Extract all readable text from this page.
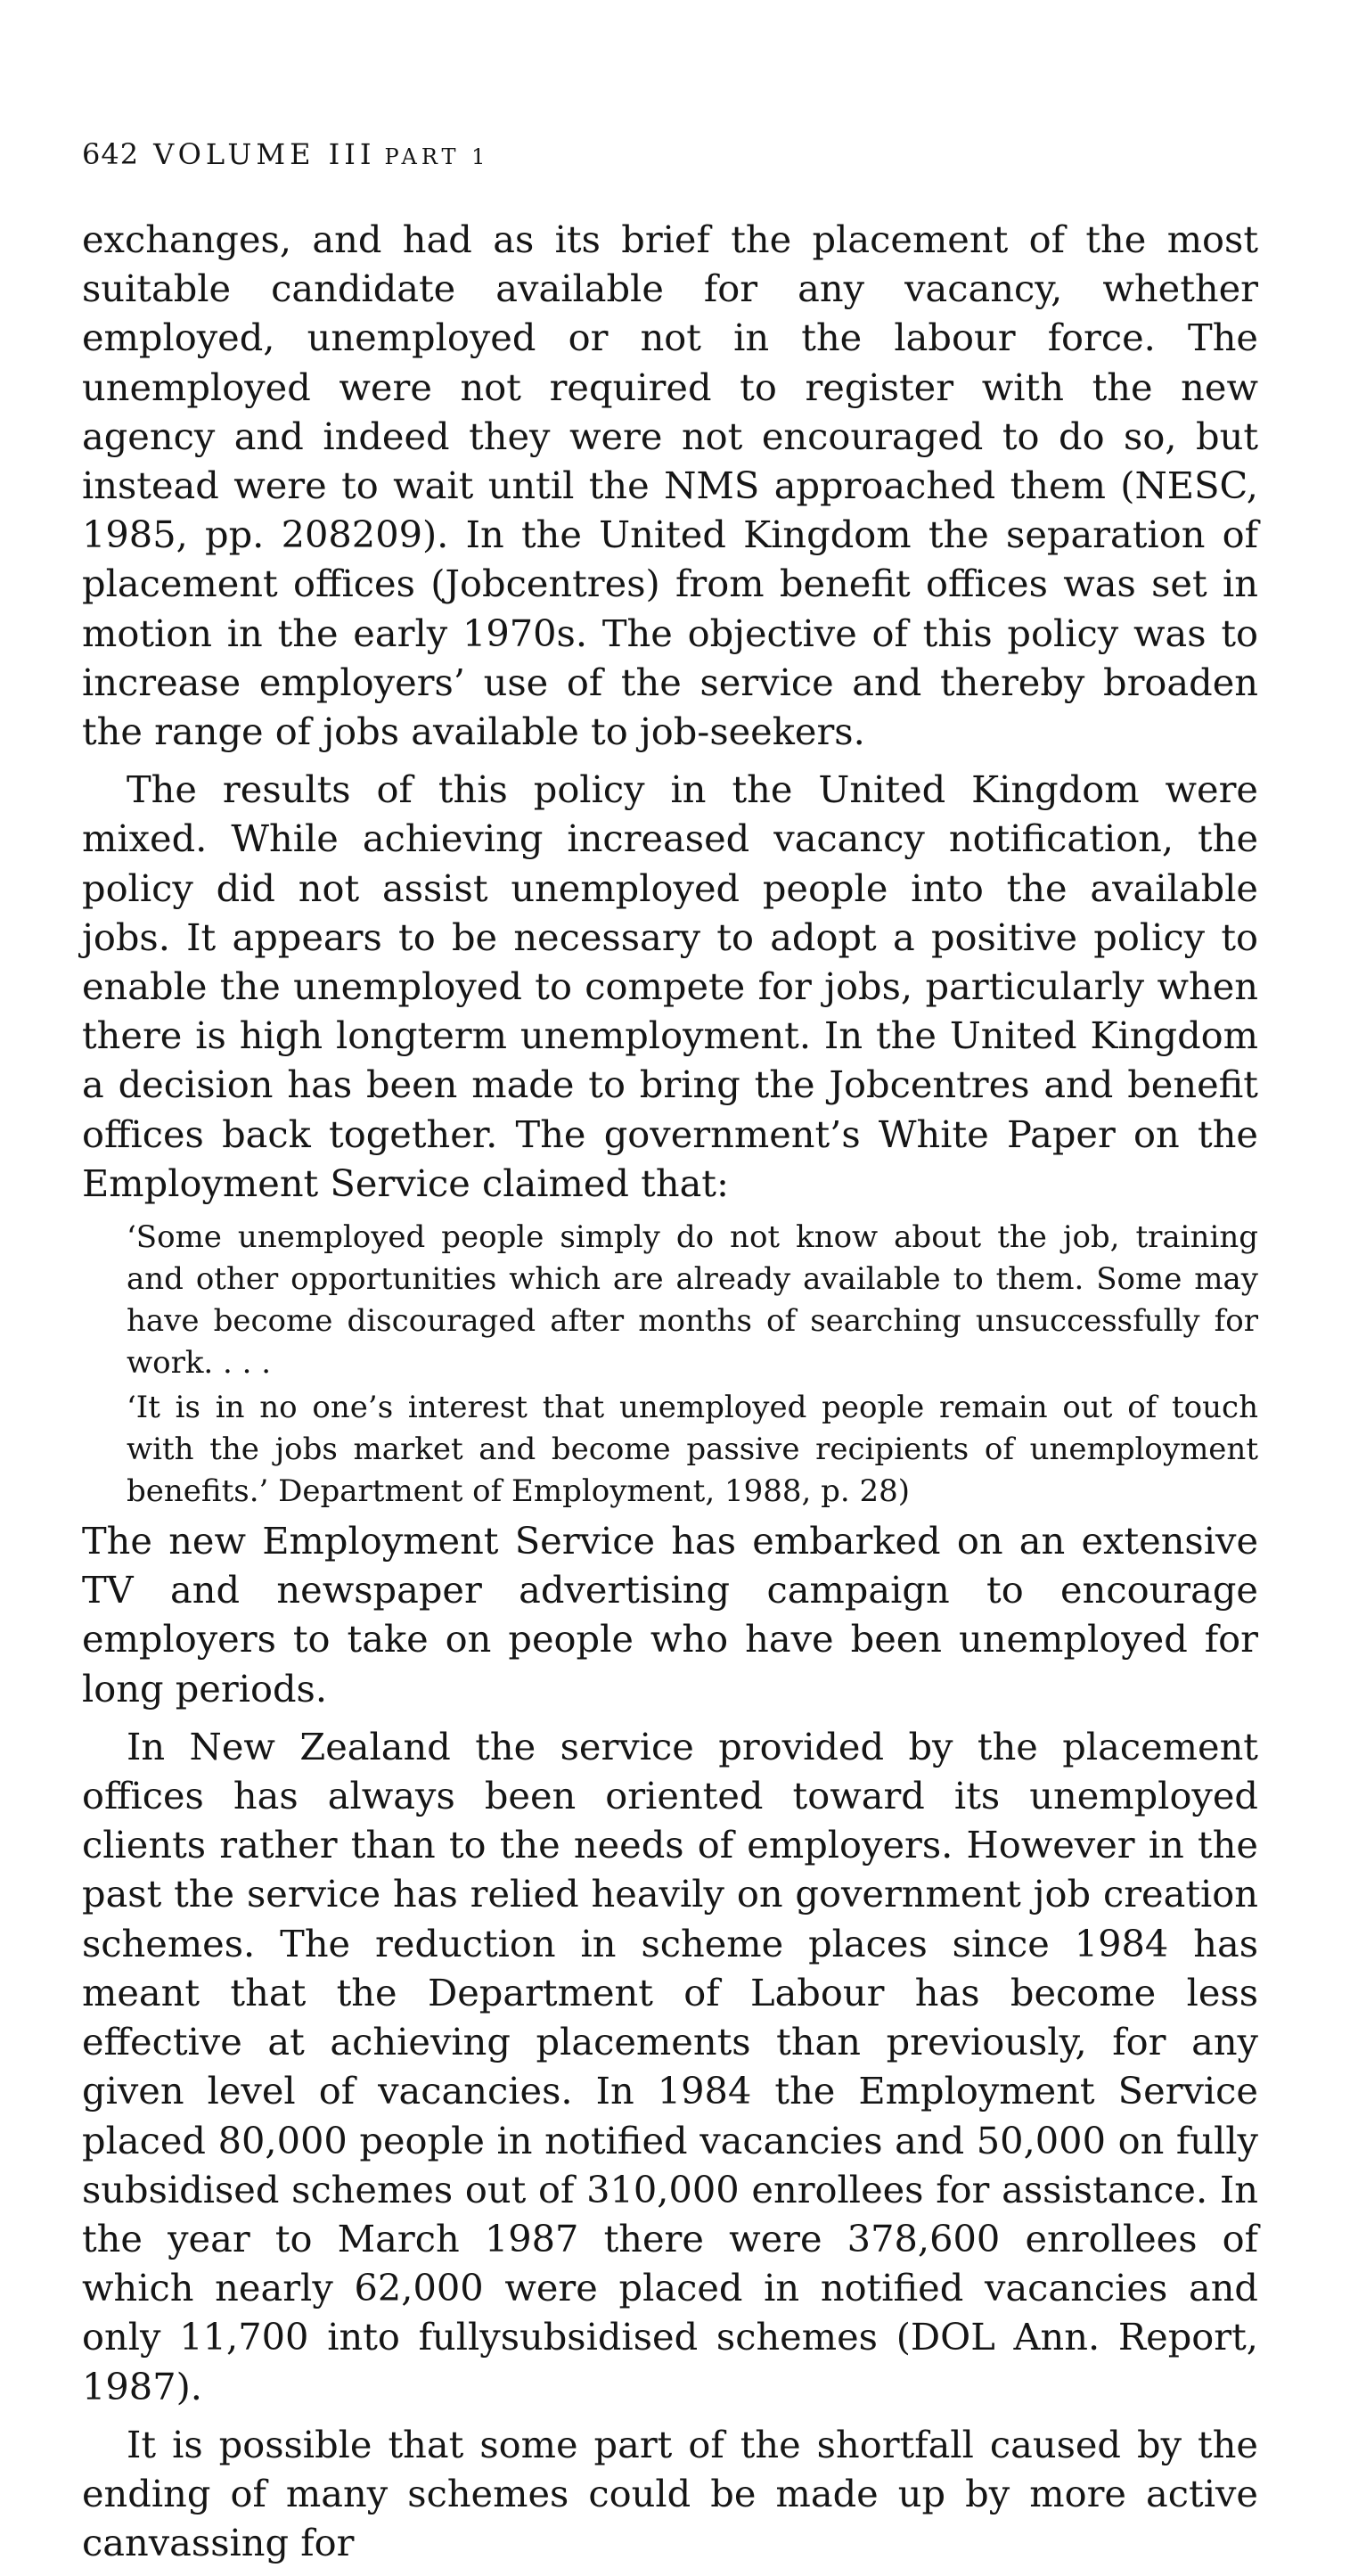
642 VOLUME III PART 1

exchanges, and had as its brief the placement of the most suitable candidate available for any vacancy, whether employed, unemployed or not in the labour force. The unemployed were not required to register with the new agency and indeed they were not encouraged to do so, but instead were to wait until the NMS approached them (NESC, 1985, pp. 208209). In the United Kingdom the separation of placement offices (Jobcentres) from benefit offices was set in motion in the early 1970s. The objective of this policy was to increase employers’ use of the service and thereby broaden the range of jobs available to job-seekers.

The results of this policy in the United Kingdom were mixed. While achieving increased vacancy notification, the policy did not assist unemployed people into the available jobs. It appears to be necessary to adopt a positive policy to enable the unemployed to compete for jobs, particularly when there is high longterm unemployment. In the United Kingdom a decision has been made to bring the Jobcentres and benefit offices back together. The government’s White Paper on the Employment Service claimed that:

‘Some unemployed people simply do not know about the job, training and other opportunities which are already available to them. Some may have become discouraged after months of searching unsuccessfully for work. . . .

‘It is in no one’s interest that unemployed people remain out of touch with the jobs market and become passive recipients of unemployment benefits.’ Department of Employment, 1988, p. 28)

The new Employment Service has embarked on an extensive TV and newspaper advertising campaign to encourage employers to take on people who have been unemployed for long periods.

In New Zealand the service provided by the placement offices has always been oriented toward its unemployed clients rather than to the needs of employers. However in the past the service has relied heavily on government job creation schemes. The reduction in scheme places since 1984 has meant that the Department of Labour has become less effective at achieving placements than previously, for any given level of vacancies. In 1984 the Employment Service placed 80,000 people in notified vacancies and 50,000 on fully subsidised schemes out of 310,000 enrollees for assistance. In the year to March 1987 there were 378,600 enrollees of which nearly 62,000 were placed in notified vacancies and only 11,700 into fullysubsidised schemes (DOL Ann. Report, 1987).

It is possible that some part of the shortfall caused by the ending of many schemes could be made up by more active canvassing for
